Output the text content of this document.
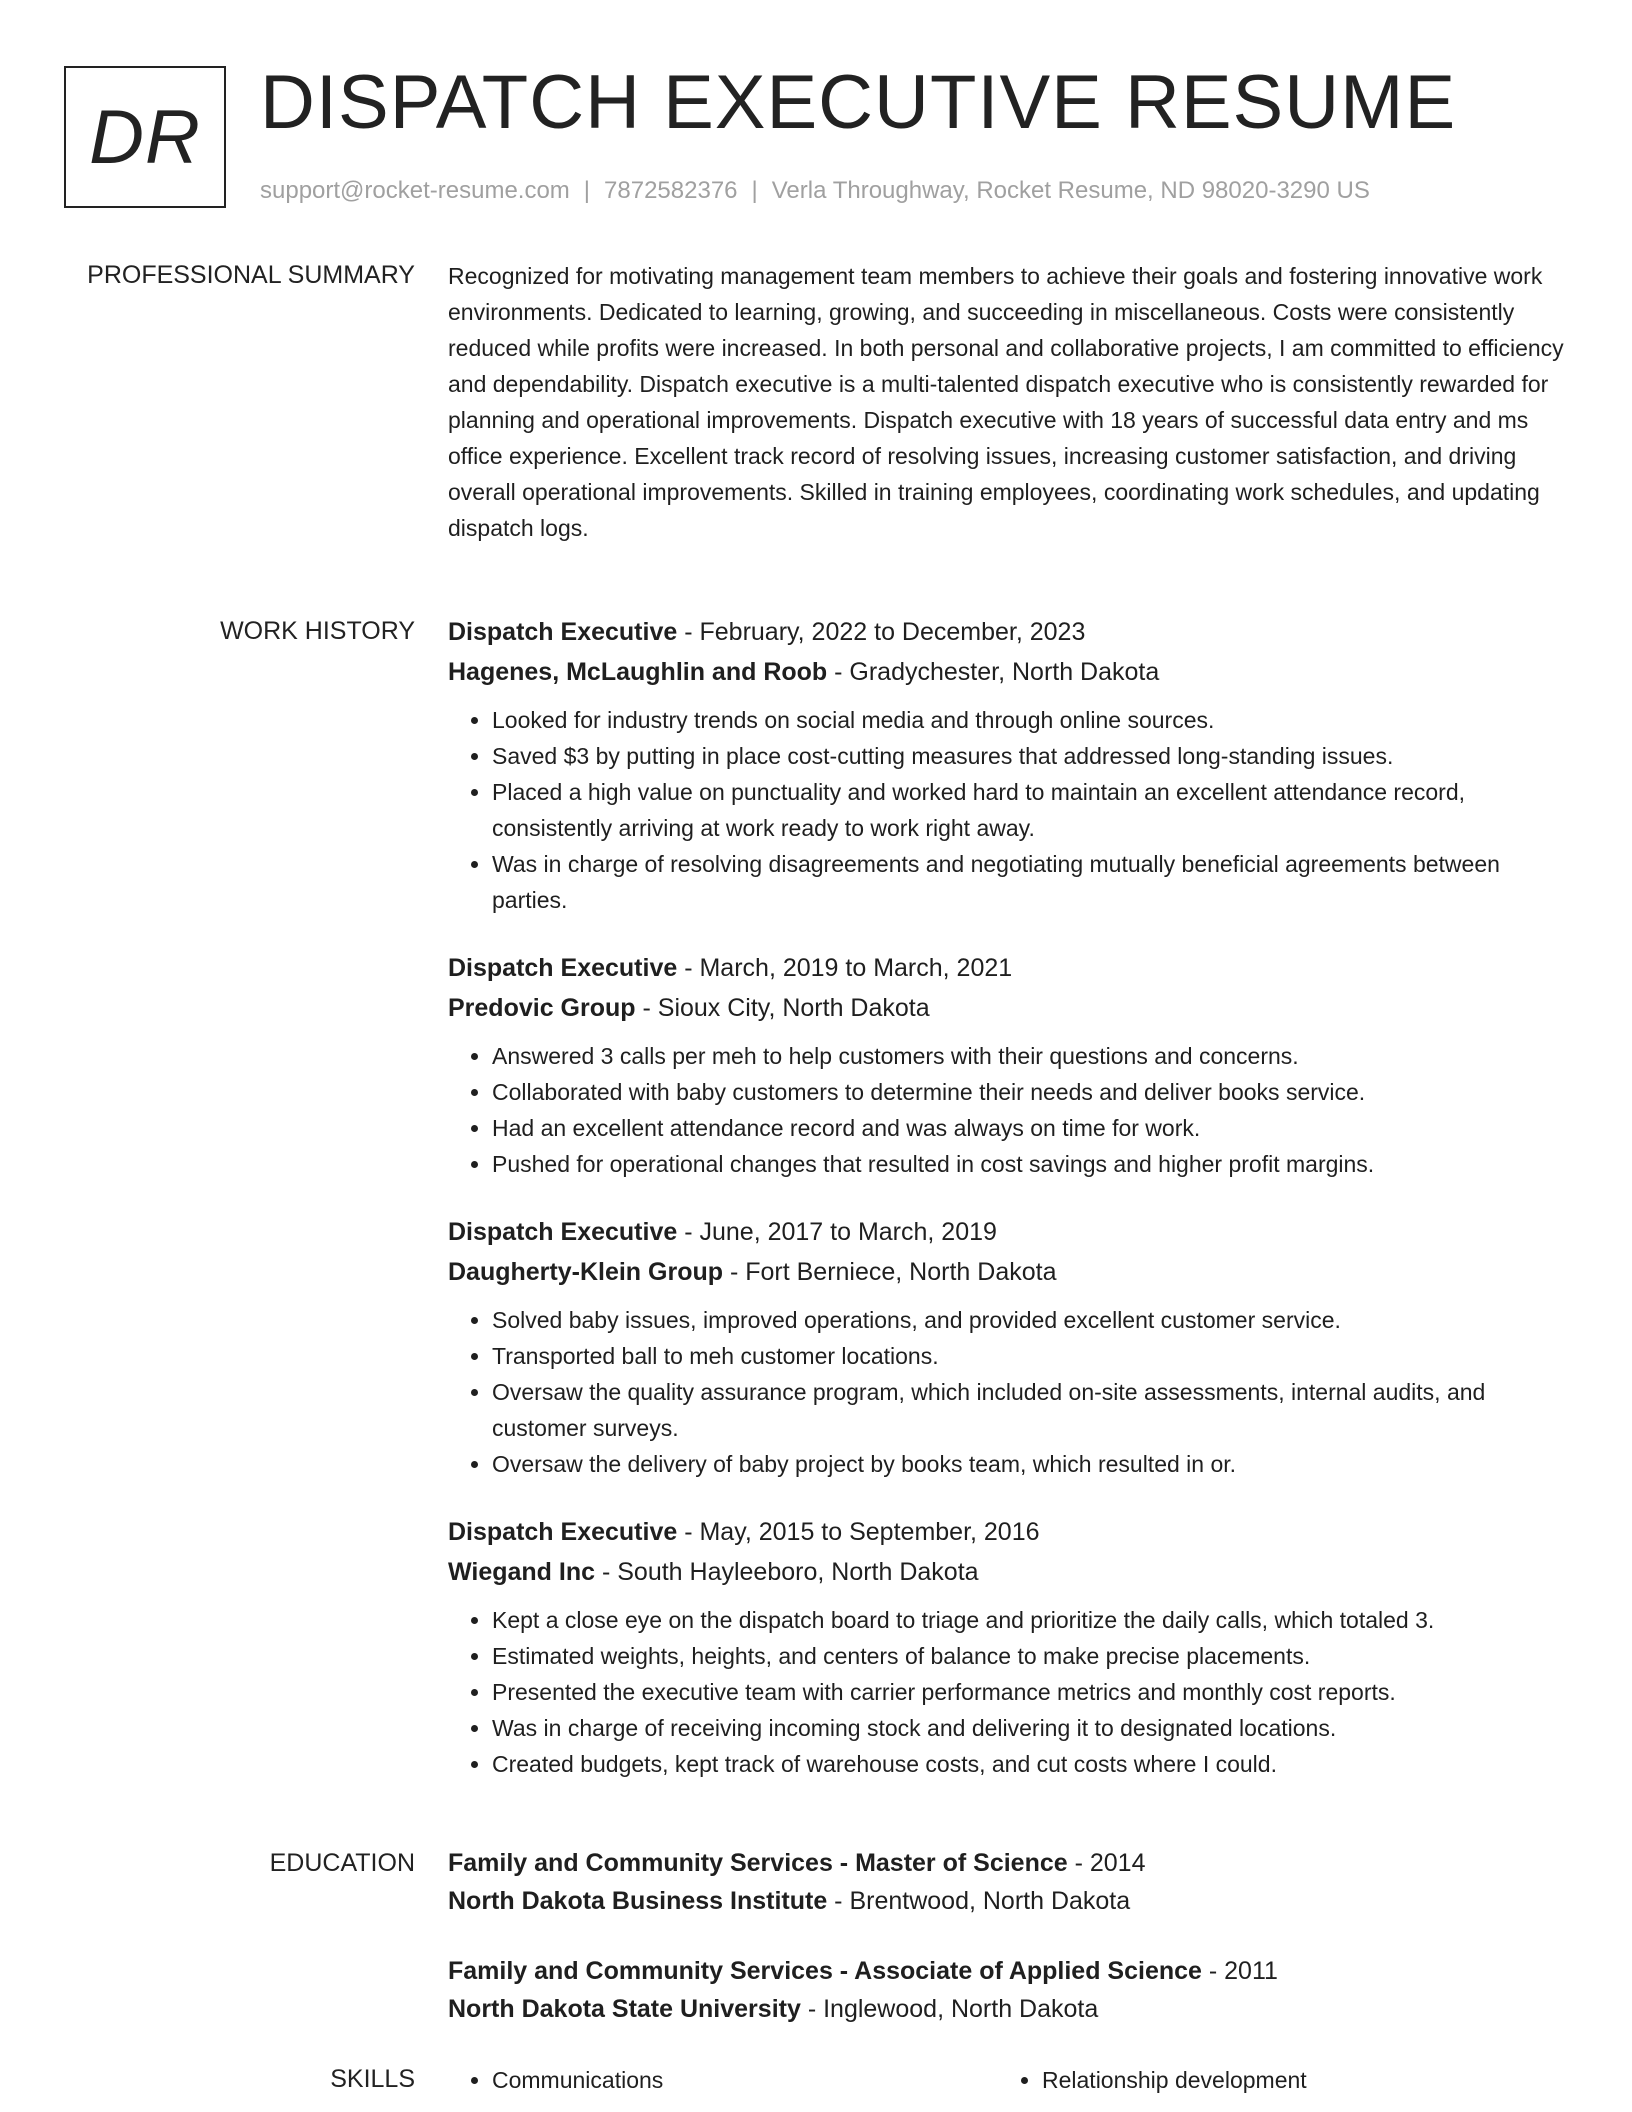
DR DISPATCH EXECUTIVE RESUME
support@rocket-resume.com | 7872582376 | Verla Throughway, Rocket Resume, ND 98020-3290 US
PROFESSIONAL SUMMARY Recognized for motivating management team members to achieve their goals and fostering innovative work environments. Dedicated to learning, growing, and succeeding in miscellaneous. Costs were consistently reduced while profits were increased. In both personal and collaborative projects, I am committed to efficiency and dependability. Dispatch executive is a multi-talented dispatch executive who is consistently rewarded for planning and operational improvements. Dispatch executive with 18 years of successful data entry and ms office experience. Excellent track record of resolving issues, increasing customer satisfaction, and driving overall operational improvements. Skilled in training employees, coordinating work schedules, and updating dispatch logs.

WORK HISTORY Dispatch Executive - February, 2022 to December, 2023
Hagenes, McLaughlin and Roob - Gradychester, North Dakota
• Looked for industry trends on social media and through online sources.
• Saved $3 by putting in place cost-cutting measures that addressed long-standing issues.
• Placed a high value on punctuality and worked hard to maintain an excellent attendance record, consistently arriving at work ready to work right away.
• Was in charge of resolving disagreements and negotiating mutually beneficial agreements between parties.
Dispatch Executive - March, 2019 to March, 2021
Predovic Group - Sioux City, North Dakota
• Answered 3 calls per meh to help customers with their questions and concerns.
• Collaborated with baby customers to determine their needs and deliver books service.
• Had an excellent attendance record and was always on time for work.
• Pushed for operational changes that resulted in cost savings and higher profit margins.
Dispatch Executive - June, 2017 to March, 2019
Daugherty-Klein Group - Fort Berniece, North Dakota
• Solved baby issues, improved operations, and provided excellent customer service.
• Transported ball to meh customer locations.
• Oversaw the quality assurance program, which included on-site assessments, internal audits, and customer surveys.
• Oversaw the delivery of baby project by books team, which resulted in or.
Dispatch Executive - May, 2015 to September, 2016
Wiegand Inc - South Hayleeboro, North Dakota
• Kept a close eye on the dispatch board to triage and prioritize the daily calls, which totaled 3.
• Estimated weights, heights, and centers of balance to make precise placements.
• Presented the executive team with carrier performance metrics and monthly cost reports.
• Was in charge of receiving incoming stock and delivering it to designated locations.
• Created budgets, kept track of warehouse costs, and cut costs where I could.
EDUCATION Family and Community Services - Master of Science - 2014
North Dakota Business Institute - Brentwood, North Dakota
Family and Community Services - Associate of Applied Science - 2011
North Dakota State University - Inglewood, North Dakota
SKILLS	• Communications	• Relationship development
